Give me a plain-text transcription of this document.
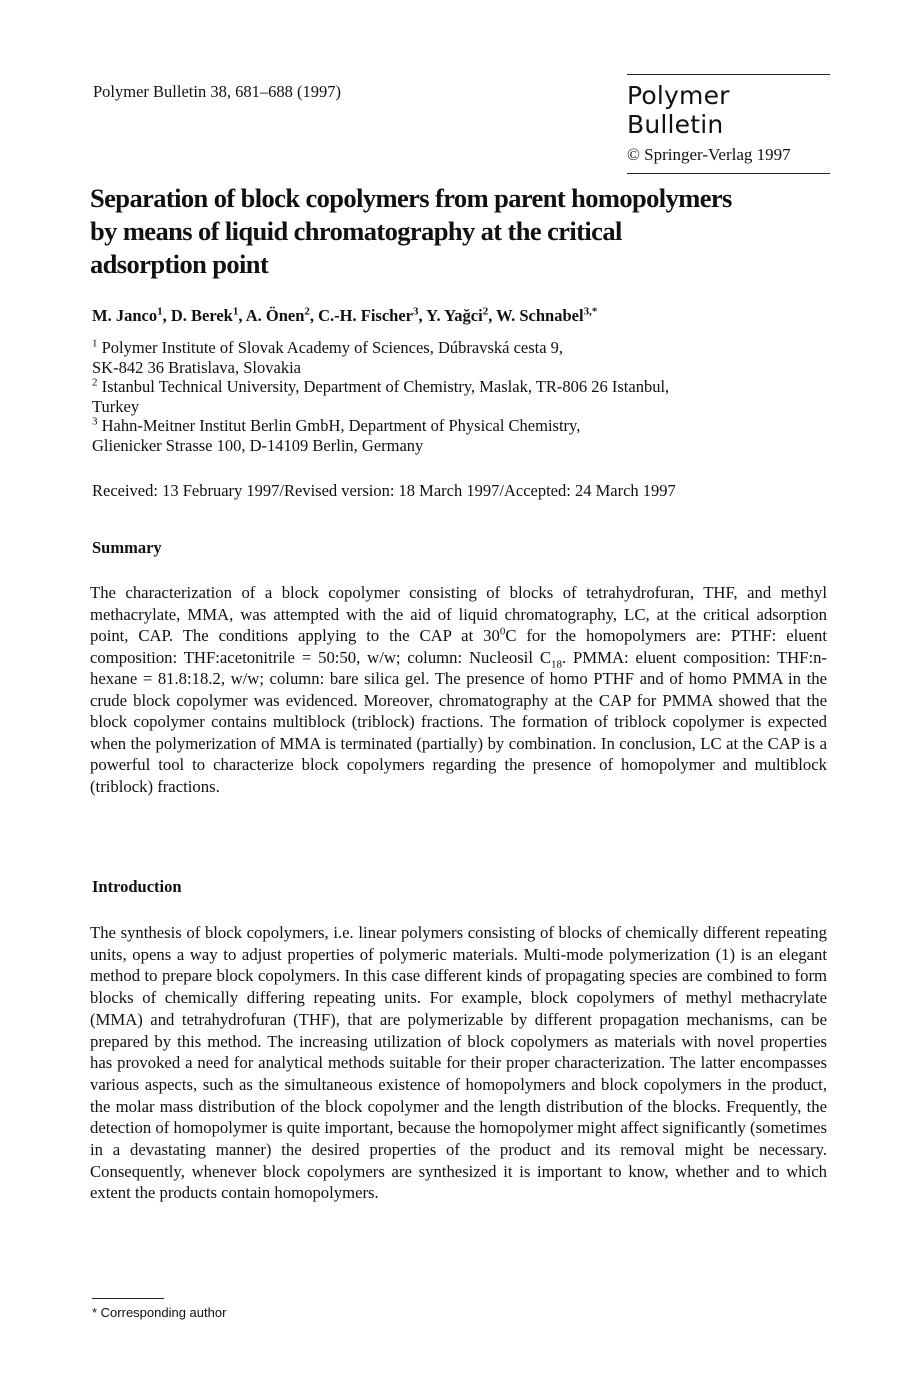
Polymer Bulletin 38, 681–688 (1997)	Polymer Bulletin
© Springer-Verlag 1997
Separation of block copolymers from parent homopolymers
by means of liquid chromatography at the critical
adsorption point
M. Janco$^1$, D. Berek$^1$, A. Önen$^2$, C.-H. Fischer$^3$, Y. Yağci$^2$, W. Schnabel$^{3,*}$
$^1$ Polymer Institute of Slovak Academy of Sciences, Dúbravská cesta 9,
SK-842 36 Bratislava, Slovakia
$^2$ Istanbul Technical University, Department of Chemistry, Maslak, TR-806 26 Istanbul,
Turkey
$^3$ Hahn-Meitner Institut Berlin GmbH, Department of Physical Chemistry,
Glienicker Strasse 100, D-14109 Berlin, Germany
Received: 13 February 1997/Revised version: 18 March 1997/Accepted: 24 March 1997
Summary
The characterization of a block copolymer consisting of blocks of tetrahydrofuran, THF, and methyl methacrylate, MMA, was attempted with the aid of liquid chromatography, LC, at the critical adsorption point, CAP. The conditions applying to the CAP at $30^0C$ for the homopolymers are: PTHF: eluent composition: THF:acetonitrile = 50:50, w/w; column: Nucleosil $C_{18}$. PMMA: eluent composition: THF:n-hexane = 81.8:18.2, w/w; column: bare silica gel. The presence of homo PTHF and of homo PMMA in the crude block copolymer was evidenced. Moreover, chromatography at the CAP for PMMA showed that the block copolymer contains multiblock (triblock) fractions. The formation of triblock copolymer is expected when the polymerization of MMA is terminated (partially) by combination. In conclusion, LC at the CAP is a powerful tool to characterize block copolymers regarding the presence of homopolymer and multiblock (triblock) fractions.
Introduction
The synthesis of block copolymers, i.e. linear polymers consisting of blocks of chemically different repeating units, opens a way to adjust properties of polymeric materials. Multi-mode polymerization (1) is an elegant method to prepare block copolymers. In this case different kinds of propagating species are combined to form blocks of chemically differing repeating units. For example, block copolymers of methyl methacrylate (MMA) and tetrahydrofuran (THF), that are polymerizable by different propagation mechanisms, can be prepared by this method. The increasing utilization of block copolymers as materials with novel properties has provoked a need for analytical methods suitable for their proper characterization. The latter encompasses various aspects, such as the simultaneous existence of homopolymers and block copolymers in the product, the molar mass distribution of the block copolymer and the length distribution of the blocks. Frequently, the detection of homopolymer is quite important, because the homopolymer might affect significantly (sometimes in a devastating manner) the desired properties of the product and its removal might be necessary. Consequently, whenever block copolymers are synthesized it is important to know, whether and to which extent the products contain homopolymers.
* Corresponding author
